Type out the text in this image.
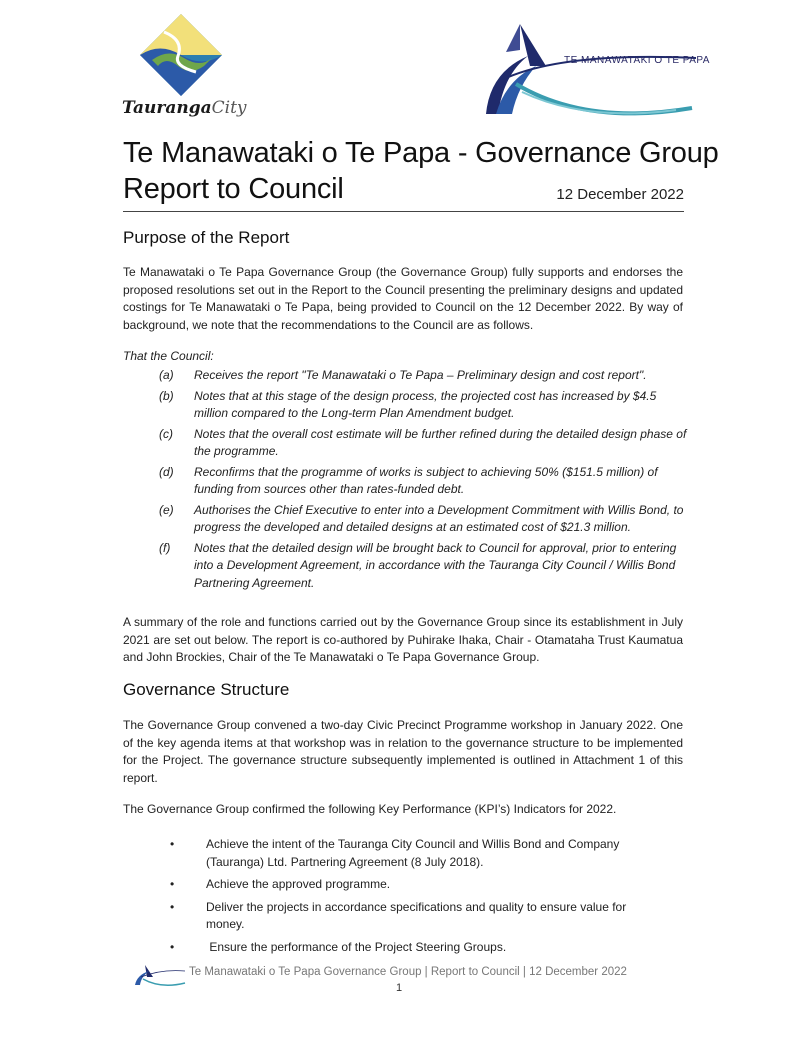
TaurangaCity
TE MANAWATAKI O TE PAPA
Te Manawataki o Te Papa - Governance Group
Report to Council	12 December 2022
Purpose of the Report

Te Manawataki o Te Papa Governance Group (the Governance Group) fully supports and endorses the proposed resolutions set out in the Report to the Council presenting the preliminary designs and updated costings for Te Manawataki o Te Papa, being provided to Council on the 12 December 2022. By way of background, we note that the recommendations to the Council are as follows.

That the Council:
(a) Receives the report "Te Manawataki o Te Papa – Preliminary design and cost report".
(b) Notes that at this stage of the design process, the projected cost has increased by $4.5 million compared to the Long-term Plan Amendment budget.
(c) Notes that the overall cost estimate will be further refined during the detailed design phase of the programme.
(d) Reconfirms that the programme of works is subject to achieving 50% ($151.5 million) of funding from sources other than rates-funded debt.
(e) Authorises the Chief Executive to enter into a Development Commitment with Willis Bond, to progress the developed and detailed designs at an estimated cost of $21.3 million.
(f) Notes that the detailed design will be brought back to Council for approval, prior to entering into a Development Agreement, in accordance with the Tauranga City Council / Willis Bond Partnering Agreement.

A summary of the role and functions carried out by the Governance Group since its establishment in July 2021 are set out below. The report is co-authored by Puhirake Ihaka, Chair - Otamataha Trust Kaumatua and John Brockies, Chair of the Te Manawataki o Te Papa Governance Group.

Governance Structure

The Governance Group convened a two-day Civic Precinct Programme workshop in January 2022. One of the key agenda items at that workshop was in relation to the governance structure to be implemented for the Project. The governance structure subsequently implemented is outlined in Attachment 1 of this report.

The Governance Group confirmed the following Key Performance (KPI’s) Indicators for 2022.

•	Achieve the intent of the Tauranga City Council and Willis Bond and Company (Tauranga) Ltd. Partnering Agreement (8 July 2018).
•	Achieve the approved programme.
•	Deliver the projects in accordance specifications and quality to ensure value for money.
•	Ensure the performance of the Project Steering Groups.
Te Manawataki o Te Papa Governance Group | Report to Council | 12 December 2022
1
